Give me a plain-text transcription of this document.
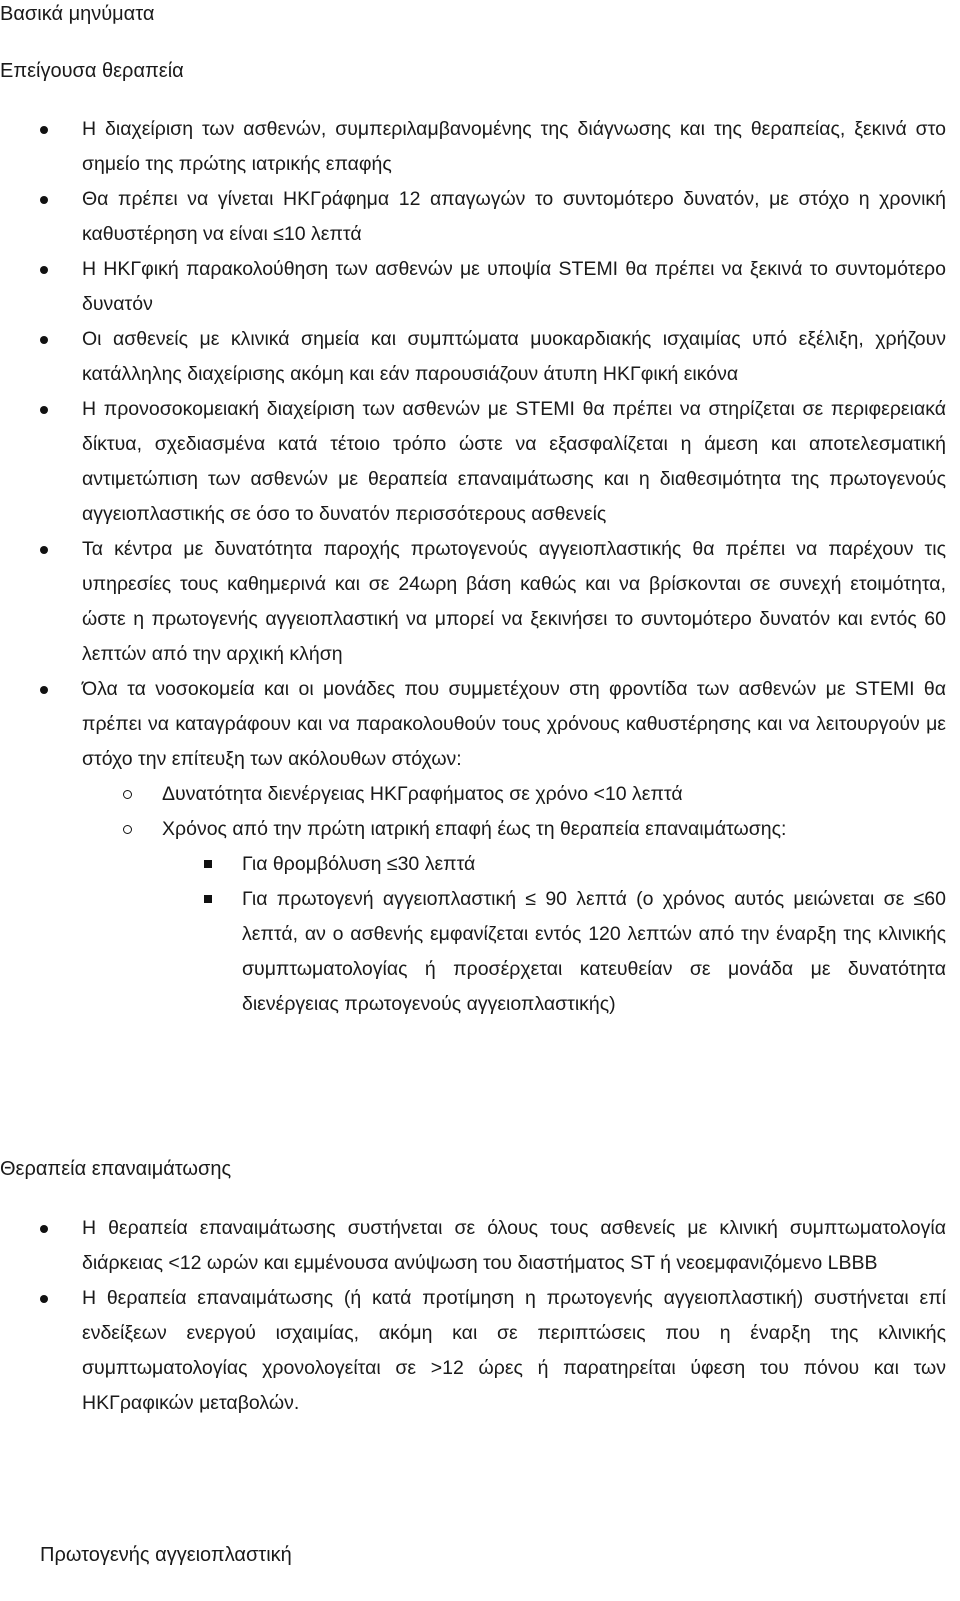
Βασικά μηνύματα
Επείγουσα θεραπεία
Η διαχείριση των ασθενών, συμπεριλαμβανομένης της διάγνωσης και της θεραπείας, ξεκινά στο σημείο της πρώτης ιατρικής επαφής
Θα πρέπει να γίνεται ΗΚΓράφημα 12 απαγωγών το συντομότερο δυνατόν, με στόχο η χρονική καθυστέρηση να είναι ≤10 λεπτά
Η ΗΚΓφική παρακολούθηση των ασθενών με υποψία STEMI θα πρέπει να ξεκινά το συντομότερο δυνατόν
Οι ασθενείς με κλινικά σημεία και συμπτώματα μυοκαρδιακής ισχαιμίας υπό εξέλιξη, χρήζουν κατάλληλης διαχείρισης ακόμη και εάν παρουσιάζουν άτυπη ΗΚΓφική εικόνα
Η προνοσοκομειακή διαχείριση των ασθενών με STEMI θα πρέπει να στηρίζεται σε περιφερειακά δίκτυα, σχεδιασμένα κατά τέτοιο τρόπο ώστε να εξασφαλίζεται η άμεση και αποτελεσματική αντιμετώπιση των ασθενών με θεραπεία επαναιμάτωσης και η διαθεσιμότητα της πρωτογενούς αγγειοπλαστικής σε όσο το δυνατόν περισσότερους ασθενείς
Τα κέντρα με δυνατότητα παροχής πρωτογενούς αγγειοπλαστικής θα πρέπει να παρέχουν τις υπηρεσίες τους καθημερινά και σε 24ωρη βάση καθώς και να βρίσκονται σε συνεχή ετοιμότητα, ώστε η πρωτογενής αγγειοπλαστική να μπορεί να ξεκινήσει το συντομότερο δυνατόν και εντός 60 λεπτών από την αρχική κλήση
Όλα τα νοσοκομεία και οι μονάδες που συμμετέχουν στη φροντίδα των ασθενών με STEMI θα πρέπει να καταγράφουν και να παρακολουθούν τους χρόνους καθυστέρησης και να λειτουργούν με στόχο την επίτευξη των ακόλουθων στόχων:
Δυνατότητα διενέργειας ΗΚΓραφήματος σε χρόνο <10 λεπτά
Χρόνος από την πρώτη ιατρική επαφή έως τη θεραπεία επαναιμάτωσης:
Για θρομβόλυση ≤30 λεπτά
Για πρωτογενή αγγειοπλαστική ≤ 90 λεπτά (ο χρόνος αυτός μειώνεται σε ≤60 λεπτά, αν ο ασθενής εμφανίζεται εντός 120 λεπτών από την έναρξη της κλινικής συμπτωματολογίας ή προσέρχεται κατευθείαν σε μονάδα με δυνατότητα διενέργειας πρωτογενούς αγγειοπλαστικής)
Θεραπεία επαναιμάτωσης
Η θεραπεία επαναιμάτωσης συστήνεται σε όλους τους ασθενείς με κλινική συμπτωματολογία διάρκειας <12 ωρών και εμμένουσα ανύψωση του διαστήματος ST ή νεοεμφανιζόμενο LBBB
Η θεραπεία επαναιμάτωσης (ή κατά προτίμηση η πρωτογενής αγγειοπλαστική) συστήνεται επί ενδείξεων ενεργού ισχαιμίας, ακόμη και σε περιπτώσεις που η έναρξη της κλινικής συμπτωματολογίας χρονολογείται σε >12 ώρες ή παρατηρείται ύφεση του πόνου και των ΗΚΓραφικών μεταβολών.
Πρωτογενής αγγειοπλαστική
